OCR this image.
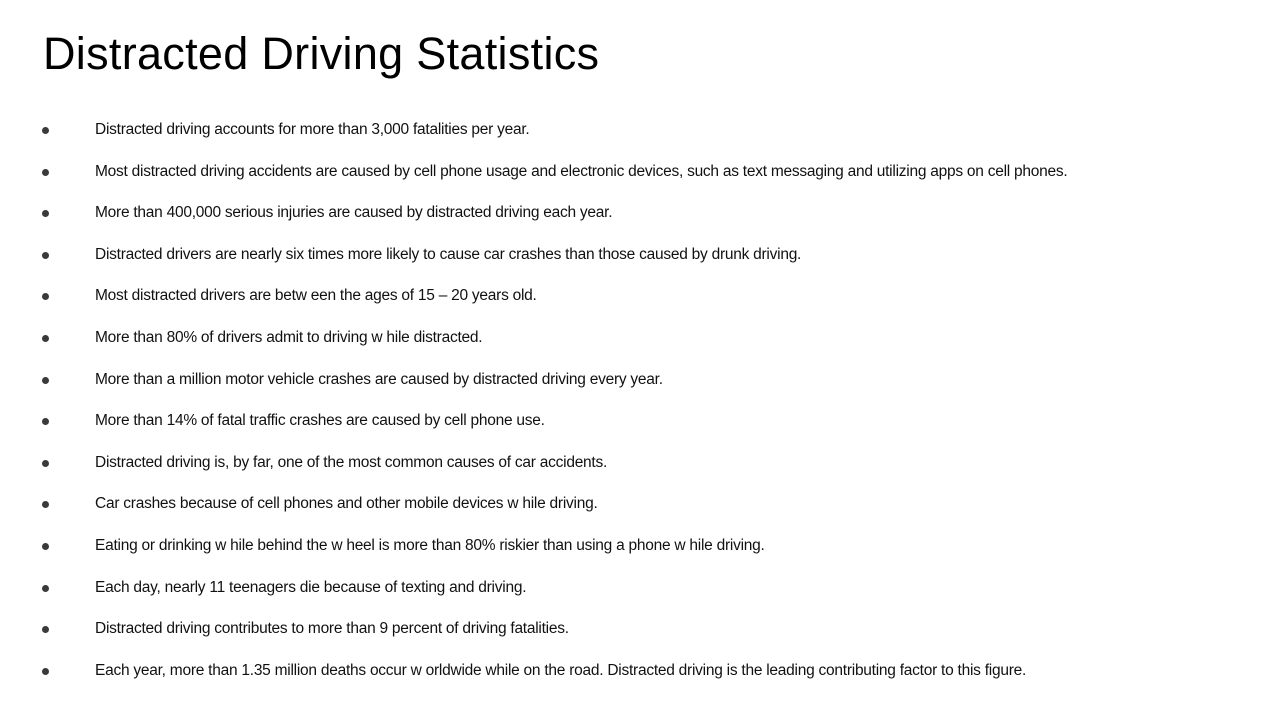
Distracted Driving Statistics
Distracted driving accounts for more than 3,000 fatalities per year.
Most distracted driving accidents are caused by cell phone usage and electronic devices, such as text messaging and utilizing apps on cell phones.
More than 400,000 serious injuries are caused by distracted driving each year.
Distracted drivers are nearly six times more likely to cause car crashes than those caused by drunk driving.
Most distracted drivers are betw een the ages of 15 – 20 years old.
More than 80% of drivers admit to driving w hile distracted.
More than a million motor vehicle crashes are caused by distracted driving every year.
More than 14% of fatal traffic crashes are caused by cell phone use.
Distracted driving is, by far, one of the most common causes of car accidents.
Car crashes because of cell phones and other mobile devices w hile driving.
Eating or drinking w hile behind the w heel is more than 80% riskier than using a phone w hile driving.
Each day, nearly 11 teenagers die because of texting and driving.
Distracted driving contributes to more than 9 percent of driving fatalities.
Each year, more than 1.35 million deaths occur w orldwide while on the road. Distracted driving is the leading contributing factor to this figure.
